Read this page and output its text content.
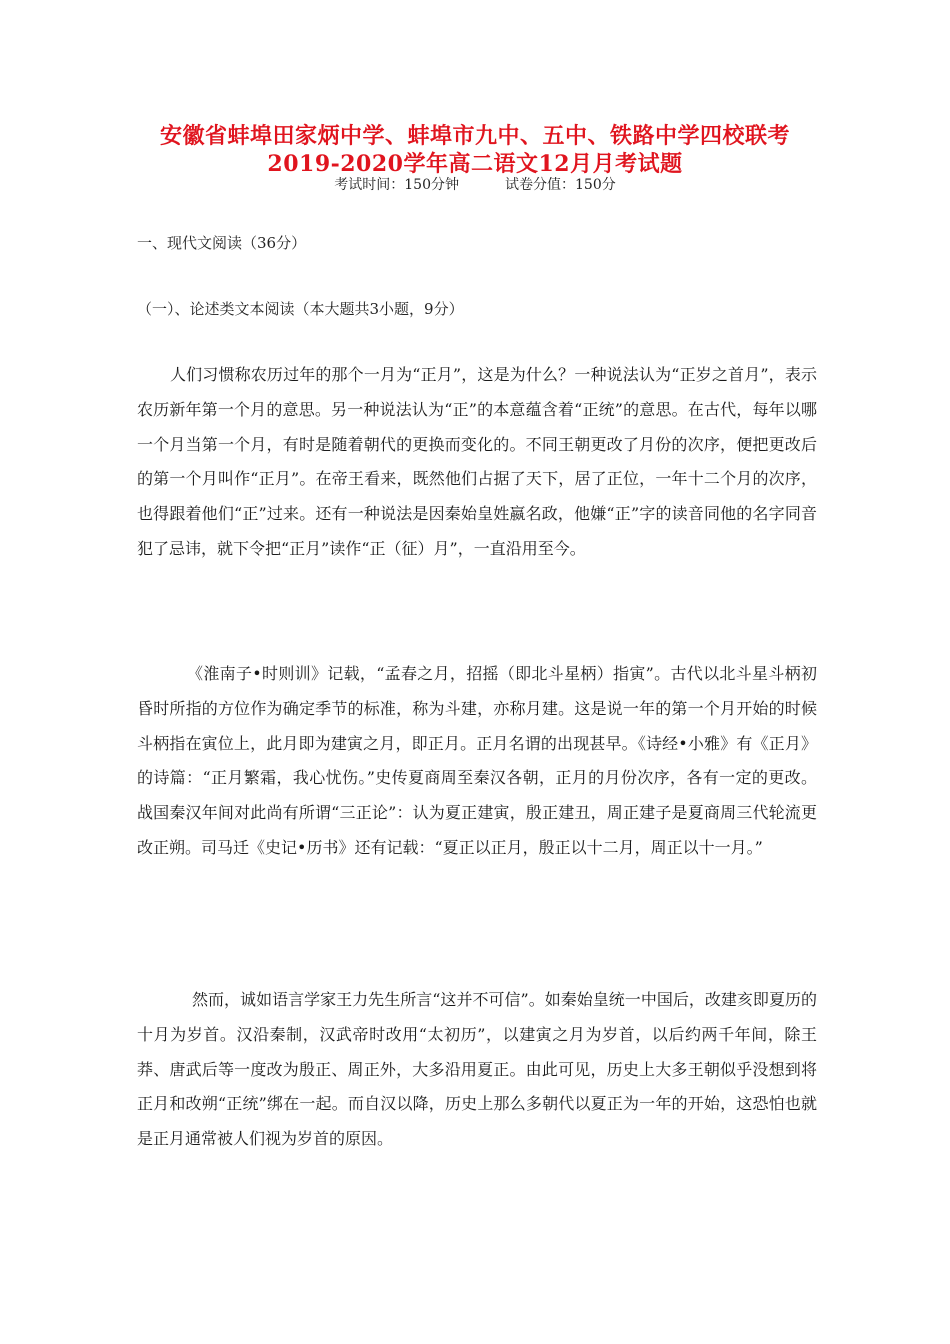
安徽省蚌埠田家炳中学、蚌埠市九中、五中、铁路中学四校联考
2019-2020学年高二语文12月月考试题
考试时间：150分钟	试卷分值：150分
一、现代文阅读（36分）
（一）、论述类文本阅读（本大题共3小题，9分）
人们习惯称农历过年的那个一月为“正月”，这是为什么？一种说法认为“正岁之首月”，表示农历新年第一个月的意思。另一种说法认为“正”的本意蕴含着“正统”的意思。在古代，每年以哪一个月当第一个月，有时是随着朝代的更换而变化的。不同王朝更改了月份的次序，便把更改后的第一个月叫作“正月”。在帝王看来，既然他们占据了天下，居了正位，一年十二个月的次序，也得跟着他们“正”过来。还有一种说法是因秦始皇姓嬴名政，他嫌“正”字的读音同他的名字同音犯了忌讳，就下令把“正月”读作“正（征）月”，一直沿用至今。
《淮南子•时则训》记载，“孟春之月，招摇（即北斗星柄）指寅”。古代以北斗星斗柄初昏时所指的方位作为确定季节的标准，称为斗建，亦称月建。这是说一年的第一个月开始的时候斗柄指在寅位上，此月即为建寅之月，即正月。正月名谓的出现甚早。《诗经•小雅》有《正月》的诗篇：“正月繁霜，我心忧伤。”史传夏商周至秦汉各朝，正月的月份次序，各有一定的更改。战国秦汉年间对此尚有所谓“三正论”：认为夏正建寅，殷正建丑，周正建子是夏商周三代轮流更改正朔。司马迁《史记•历书》还有记载：“夏正以正月，殷正以十二月，周正以十一月。”
然而，诚如语言学家王力先生所言“这并不可信”。如秦始皇统一中国后，改建亥即夏历的十月为岁首。汉沿秦制，汉武帝时改用“太初历”，以建寅之月为岁首，以后约两千年间，除王莽、唐武后等一度改为殷正、周正外，大多沿用夏正。由此可见，历史上大多王朝似乎没想到将正月和改朔“正统”绑在一起。而自汉以降，历史上那么多朝代以夏正为一年的开始，这恐怕也就是正月通常被人们视为岁首的原因。
